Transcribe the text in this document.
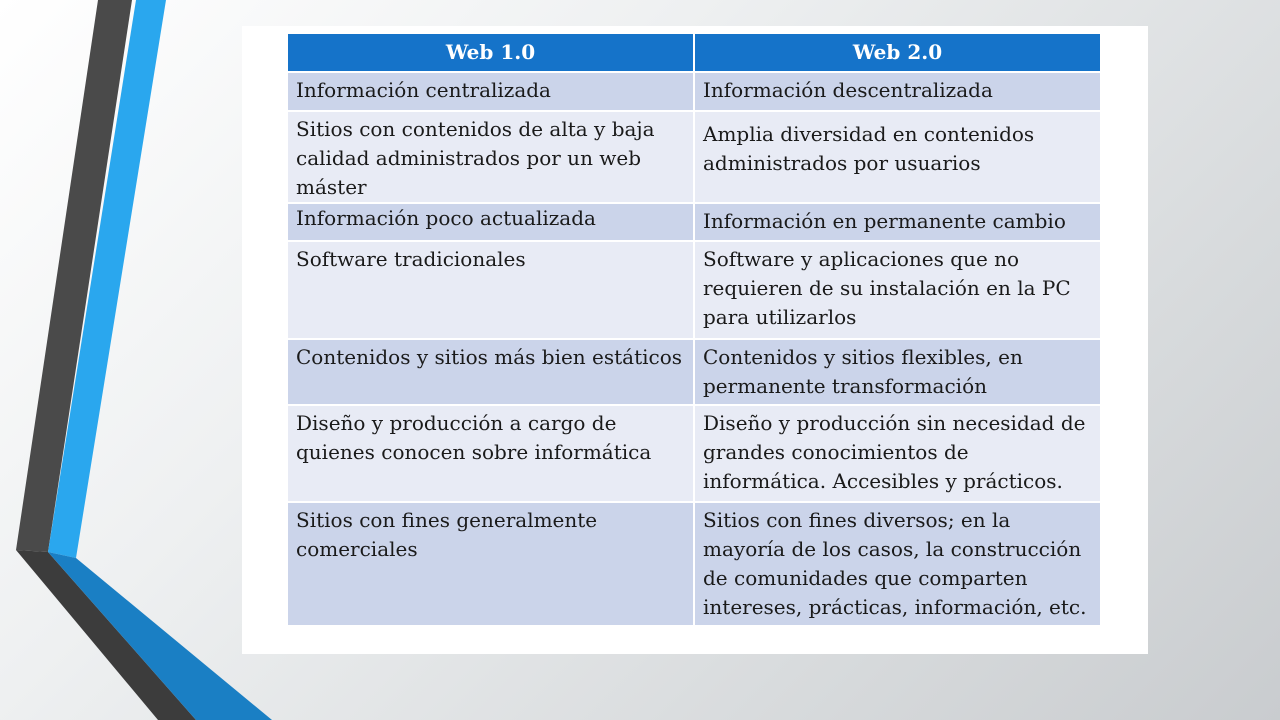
Web 1.0	Web 2.0

Información centralizada	Información descentralizada

Sitios con contenidos de alta y baja calidad administrados por un web máster	Amplia diversidad en contenidos administrados por usuarios

Información poco actualizada	Información en permanente cambio

Software tradicionales	Software y aplicaciones que no requieren de su instalación en la PC para utilizarlos

Contenidos y sitios más bien estáticos	Contenidos y sitios flexibles, en permanente transformación

Diseño y producción a cargo de quienes conocen sobre informática	Diseño y producción sin necesidad de grandes conocimientos de informática. Accesibles y prácticos.

Sitios con fines generalmente comerciales	Sitios con fines diversos; en la mayoría de los casos, la construcción de comunidades que comparten intereses, prácticas, información, etc.
